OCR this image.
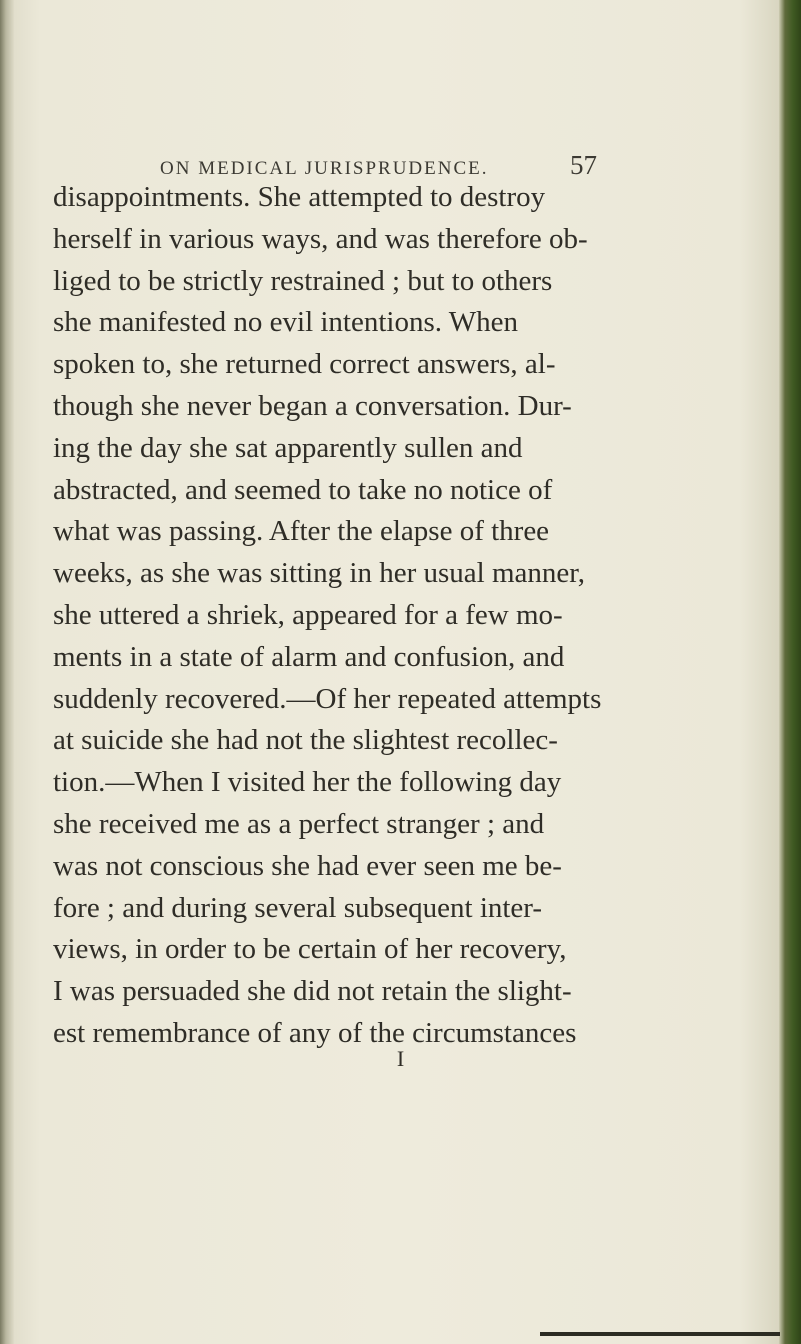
ON MEDICAL JURISPRUDENCE.	57
disappointments. She attempted to destroy
herself in various ways, and was therefore ob-
liged to be strictly restrained ; but to others
she manifested no evil intentions. When
spoken to, she returned correct answers, al-
though she never began a conversation. Dur-
ing the day she sat apparently sullen and
abstracted, and seemed to take no notice of
what was passing. After the elapse of three
weeks, as she was sitting in her usual manner,
she uttered a shriek, appeared for a few mo-
ments in a state of alarm and confusion, and
suddenly recovered.—Of her repeated attempts
at suicide she had not the slightest recollec-
tion.—When I visited her the following day
she received me as a perfect stranger ; and
was not conscious she had ever seen me be-
fore ; and during several subsequent inter-
views, in order to be certain of her recovery,
I was persuaded she did not retain the slight-
est remembrance of any of the circumstances
I
